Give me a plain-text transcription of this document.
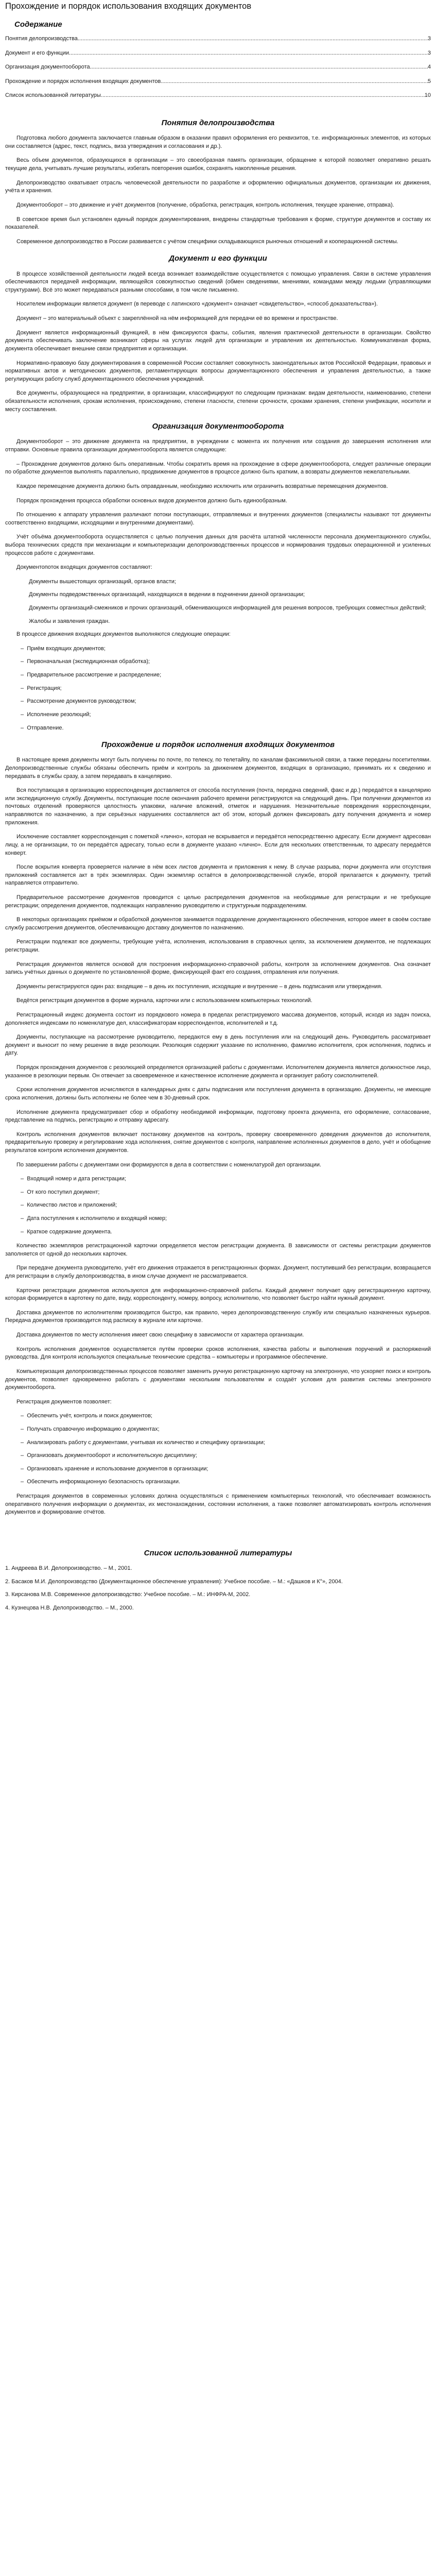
Прохождение и порядок использования входящих документов
Содержание
Понятия делопроизводства .....	3
Документ и его функции .....	3
Организация документооборота .....	4
Прохождение и порядок исполнения входящих документов .....	5
Список использованной литературы .....	10
Понятия делопроизводства

Подготовка любого документа заключается главным образом в оказании правил оформления его реквизитов, т.е. информационных элементов, из которых они составляется (адрес, текст, подпись, виза утверждения и согласования и др.).

Весь объем документов, образующихся в организации – это своеобразная память организации, обращение к которой позволяет оперативно решать текущие дела, учитывать лучшие результаты, избегать повторения ошибок, сохранять накопленные решения.

Делопроизводство охватывает отрасль человеческой деятельности по разработке и оформлению официальных документов, организации их движения, учёта и хранения.

Документооборот – это движение и учёт документов (получение, обработка, регистрация, контроль исполнения, текущее хранение, отправка).

В советское время был установлен единый порядок документирования, внедрены стандартные требования к форме, структуре документов и составу их показателей.

Современное делопроизводство в России развивается с учётом специфики складывающихся рыночных отношений и кооперационной системы.

Документ и его функции

В процессе хозяйственной деятельности людей всегда возникает взаимодействие осуществляется с помощью управления. Связи в системе управления обеспечиваются передачей информации, являющейся совокупностью сведений (обмен сведениями, мнениями, командами между людьми (управляющими структурами). Всё это может передаваться разными способами, в том числе письменно.

Носителем информации является документ (в переводе с латинского «документ» означает «свидетельство», «способ доказательства»).

Документ – это материальный объект с закреплённой на нём информацией для передачи её во времени и пространстве.

Документ является информационный функцией, в нём фиксируются факты, события, явления практической деятельности в организации. Свойство документа обеспечивать заключение возникают сферы на услугах людей для организации и управления их деятельностью. Коммуникативная форма, документа обеспечивает внешние связи предприятия и организации.

Нормативно-правовую базу документирования в современной России составляет совокупность законодательных актов Российской Федерации, правовых и нормативных актов и методических документов, регламентирующих вопросы документационного обеспечения и управления деятельностью, а также регулирующих работу служб документационного обеспечения учреждений.

Все документы, образующиеся на предприятии, в организации, классифицируют по следующим признакам: видам деятельности, наименованию, степени обязательности исполнения, срокам исполнения, происхождению, степени гласности, степени срочности, сроками хранения, степени унификации, носители и месту составления.

Организация документооборота

Документооборот – это движение документа на предприятии, в учреждении с момента их получения или создания до завершения исполнения или отправки. Основные правила организации документооборота является следующие:

– Прохождение документов должно быть оперативным. Чтобы сократить время на прохождение в сфере документооборота, следует различные операции по обработке документов выполнять параллельно, продвижение документов в процессе должно быть кратким, а возвраты документов нежелательными.

Каждое перемещение документа должно быть оправданным, необходимо исключить или ограничить возвратные перемещения документов.

Порядок прохождения процесса обработки основных видов документов должно быть единообразным.

По отношению к аппарату управления различают потоки поступающих, отправляемых и внутренних документов (специалисты называют тот документы соответственно входящими, исходящими и внутренними документами).

Учёт объёма документооборота осуществляется с целью получения данных для расчёта штатной численности персонала документационного службы, выбора технических средств при механизации и компьютеризации делопроизводственных процессов и нормирования трудовых операционнной и усиленных процессов работе с документами.

Документопоток входящих документов составляют:

Документы вышестоящих организаций, органов власти;

Документы подведомственных организаций, находящихся в ведении в подчинении данной организации;

Документы организаций-смежников и прочих организаций, обменивающихся информацией для решения вопросов, требующих совместных действий;

Жалобы и заявления граждан.

В процессе движения входящих документов выполняются следующие операции:

–  Приём входящих документов;
–  Первоначальная (экспедиционная обработка);
–  Предварительное рассмотрение и распределение;
–  Регистрация;
–  Рассмотрение документов руководством;
–  Исполнение резолюций;
–  Отправление.
Прохождение и порядок исполнения входящих документов

В настоящее время документы могут быть получены по почте, по телексу, по телетайпу, по каналам факсимильной связи, а также переданы посетителями. Делопроизводственные службы обязаны обеспечить приём и контроль за движением документов, входящих в организацию, принимать их к сведению и передавать в службы сразу, а затем передавать в канцелярию.

Вся поступающая в организацию корреспонденция доставляется от способа поступления (почта, передача сведений, факс и др.) передаётся в канцелярию или экспедиционную службу. Документы, поступающие после окончания рабочего времени регистрируются на следующий день. При получении документов из почтовых отделений проверяются целостность упаковки, наличие вложений, отметок и нарушения. Незначительные повреждения корреспонденции, направляются по назначению, а при серьёзных нарушениях составляется акт об этом, который должен фиксировать дату получения документа и номер приложения.

Исключение составляет корреспонденция с пометкой «лично», которая не вскрывается и передаётся непосредственно адресату. Если документ адресован лицу, а не организации, то он передаётся адресату, только если в документе указано «лично». Если для нескольких ответственным, то адресату передаётся конверт.

После вскрытия конверта проверяется наличие в нём всех листов документа и приложения к нему. В случае разрыва, порчи документа или отсутствия приложений составляется акт в трёх экземплярах. Один экземпляр остаётся в делопроизводственной службе, второй прилагается к документу, третий направляется отправителю.

Предварительное рассмотрение документов проводится с целью распределения документов на необходимые для регистрации и не требующие регистрации; определения документов, подлежащих направлению руководителю и структурным подразделениям.

В некоторых организациях приёмом и обработкой документов занимается подразделение документационного обеспечения, которое имеет в своём составе службу рассмотрения документов, обеспечивающую доставку документов по назначению.

Регистрации подлежат все документы, требующие учёта, исполнения, использования в справочных целях, за исключением документов, не подлежащих регистрации.

Регистрация документов является основой для построения информационно-справочной работы, контроля за исполнением документов. Она означает запись учётных данных о документе по установленной форме, фиксирующей факт его создания, отправления или получения.

Документы регистрируются один раз: входящие – в день их поступления, исходящие и внутренние – в день подписания или утверждения.

Ведётся регистрация документов в форме журнала, карточки или с использованием компьютерных технологий.

Регистрационный индекс документа состоит из порядкового номера в пределах регистрируемого массива документов, который, исходя из задач поиска, дополняется индексами по номенклатуре дел, классификаторам корреспондентов, исполнителей и т.д.

Документы, поступающие на рассмотрение руководителю, передаются ему в день поступления или на следующий день. Руководитель рассматривает документ и выносит по нему решение в виде резолюции. Резолюция содержит указание по исполнению, фамилию исполнителя, срок исполнения, подпись и дату.

Порядок прохождения документов с резолюцией определяется организацией работы с документами. Исполнителем документа является должностное лицо, указанное в резолюции первым. Он отвечает за своевременное и качественное исполнение документа и организует работу соисполнителей.

Сроки исполнения документов исчисляются в календарных днях с даты подписания или поступления документа в организацию. Документы, не имеющие срока исполнения, должны быть исполнены не более чем в 30-дневный срок.

Исполнение документа предусматривает сбор и обработку необходимой информации, подготовку проекта документа, его оформление, согласование, представление на подпись, регистрацию и отправку адресату.

Контроль исполнения документов включает постановку документов на контроль, проверку своевременного доведения документов до исполнителя, предварительную проверку и регулирование хода исполнения, снятие документов с контроля, направление исполненных документов в дело, учёт и обобщение результатов контроля исполнения документов.

По завершении работы с документами они формируются в дела в соответствии с номенклатурой дел организации.

–  Входящий номер и дата регистрации;
–  От кого поступил документ;
–  Количество листов и приложений;
–  Дата поступления к исполнителю и входящий номер;
–  Краткое содержание документа.

Количество экземпляров регистрационной карточки определяется местом регистрации документа. В зависимости от системы регистрации документов заполняется от одной до нескольких карточек.

При передаче документа руководителю, учёт его движения отражается в регистрационных формах. Документ, поступивший без регистрации, возвращается для регистрации в службу делопроизводства, в ином случае документ не рассматривается.

Карточки регистрации документов используются для информационно-справочной работы. Каждый документ получает одну регистрационную карточку, которая формируется в картотеку по дате, виду, корреспонденту, номеру, вопросу, исполнителю, что позволяет быстро найти нужный документ.

Доставка документов по исполнителям производится быстро, как правило, через делопроизводственную службу или специально назначенных курьеров. Передача документов производится под расписку в журнале или карточке.

Доставка документов по месту исполнения имеет свою специфику в зависимости от характера организации.

Контроль исполнения документов осуществляется путём проверки сроков исполнения, качества работы и выполнения поручений и распоряжений руководства. Для контроля используются специальные технические средства – компьютеры и программное обеспечение.

Компьютеризация делопроизводственных процессов позволяет заменить ручную регистрационную карточку на электронную, что ускоряет поиск и контроль документов, позволяет одновременно работать с документами нескольким пользователям и создаёт условия для развития системы электронного документооборота.

Регистрация документов позволяет:

–  Обеспечить учёт, контроль и поиск документов;
–  Получать справочную информацию о документах;
–  Анализировать работу с документами, учитывая их количество и специфику организации;
–  Организовать документооборот и исполнительскую дисциплину;
–  Организовать хранение и использование документов в организации;
–  Обеспечить информационную безопасность организации.

Регистрация документов в современных условиях должна осуществляться с применением компьютерных технологий, что обеспечивает возможность оперативного получения информации о документах, их местонахождении, состоянии исполнения, а также позволяет автоматизировать контроль исполнения документов и формирование отчётов.

Список использованной литературы
1. Андреева В.И. Делопроизводство. – М., 2001.
2. Басаков М.И. Делопроизводство (Документационное обеспечение управления): Учебное пособие. – М.: «Дашков и К°», 2004.
3. Кирсанова М.В. Современное делопроизводство: Учебное пособие. – М.: ИНФРА-М, 2002.
4. Кузнецова Н.В. Делопроизводство. – М., 2000.
